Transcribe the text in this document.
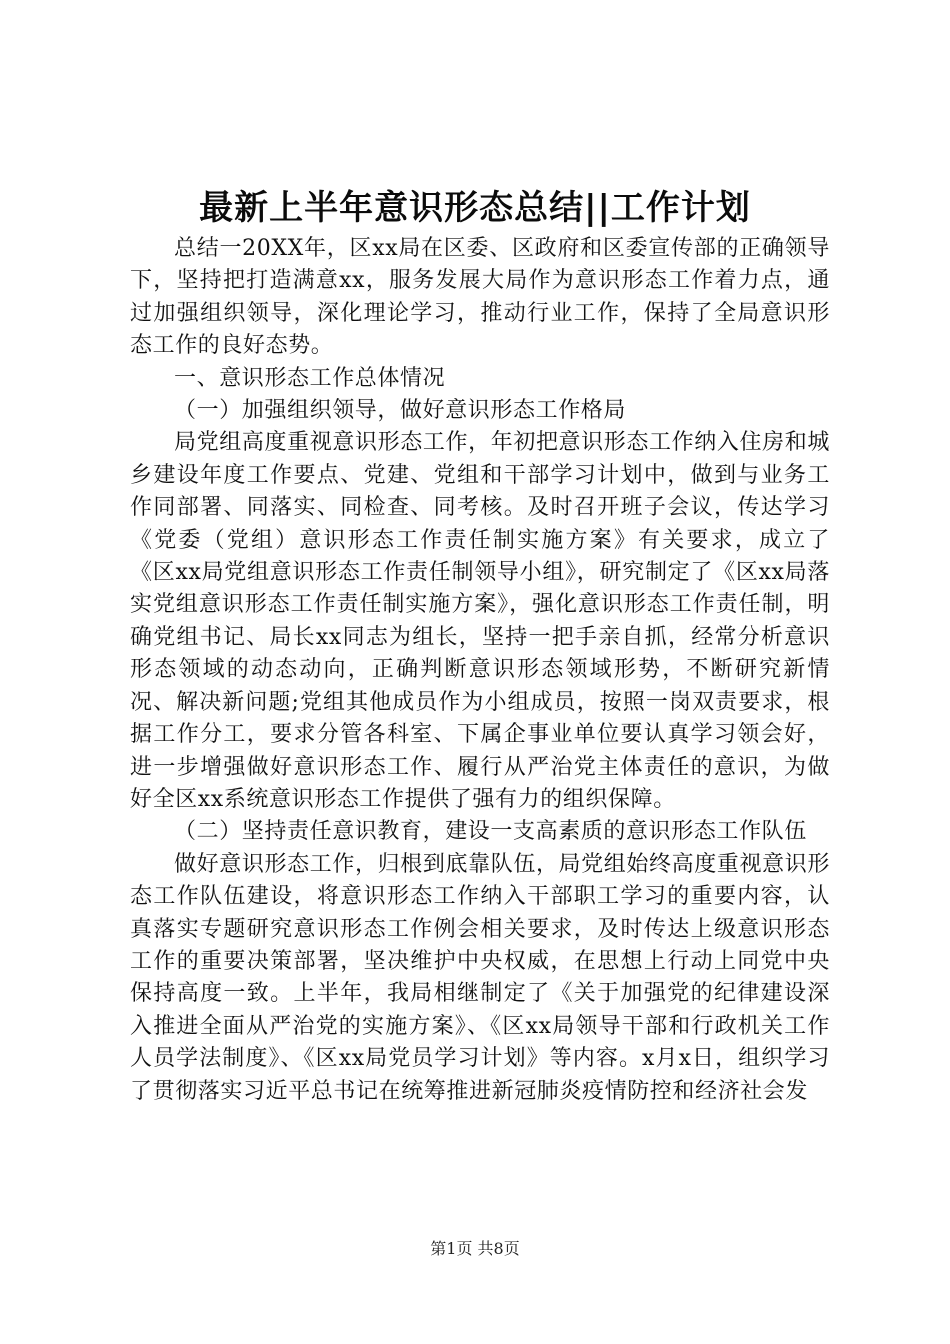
最新上半年意识形态总结||工作计划

总结一20XX年，区xx局在区委、区政府和区委宣传部的正确领导下，坚持把打造满意xx，服务发展大局作为意识形态工作着力点，通过加强组织领导，深化理论学习，推动行业工作，保持了全局意识形态工作的良好态势。

一、意识形态工作总体情况

（一）加强组织领导，做好意识形态工作格局

局党组高度重视意识形态工作，年初把意识形态工作纳入住房和城乡建设年度工作要点、党建、党组和干部学习计划中，做到与业务工作同部署、同落实、同检查、同考核。及时召开班子会议，传达学习《党委（党组）意识形态工作责任制实施方案》有关要求，成立了《区xx局党组意识形态工作责任制领导小组》，研究制定了《区xx局落实党组意识形态工作责任制实施方案》，强化意识形态工作责任制，明确党组书记、局长xx同志为组长，坚持一把手亲自抓，经常分析意识形态领域的动态动向，正确判断意识形态领域形势，不断研究新情况、解决新问题;党组其他成员作为小组成员，按照一岗双责要求，根据工作分工，要求分管各科室、下属企事业单位要认真学习领会好，进一步增强做好意识形态工作、履行从严治党主体责任的意识，为做好全区xx系统意识形态工作提供了强有力的组织保障。

（二）坚持责任意识教育，建设一支高素质的意识形态工作队伍

做好意识形态工作，归根到底靠队伍，局党组始终高度重视意识形态工作队伍建设，将意识形态工作纳入干部职工学习的重要内容，认真落实专题研究意识形态工作例会相关要求，及时传达上级意识形态工作的重要决策部署，坚决维护中央权威，在思想上行动上同党中央保持高度一致。上半年，我局相继制定了《关于加强党的纪律建设深入推进全面从严治党的实施方案》、《区xx局领导干部和行政机关工作人员学法制度》、《区xx局党员学习计划》等内容。x月x日，组织学习了贯彻落实习近平总书记在统筹推进新冠肺炎疫情防控和经济社会发

第1页 共8页
